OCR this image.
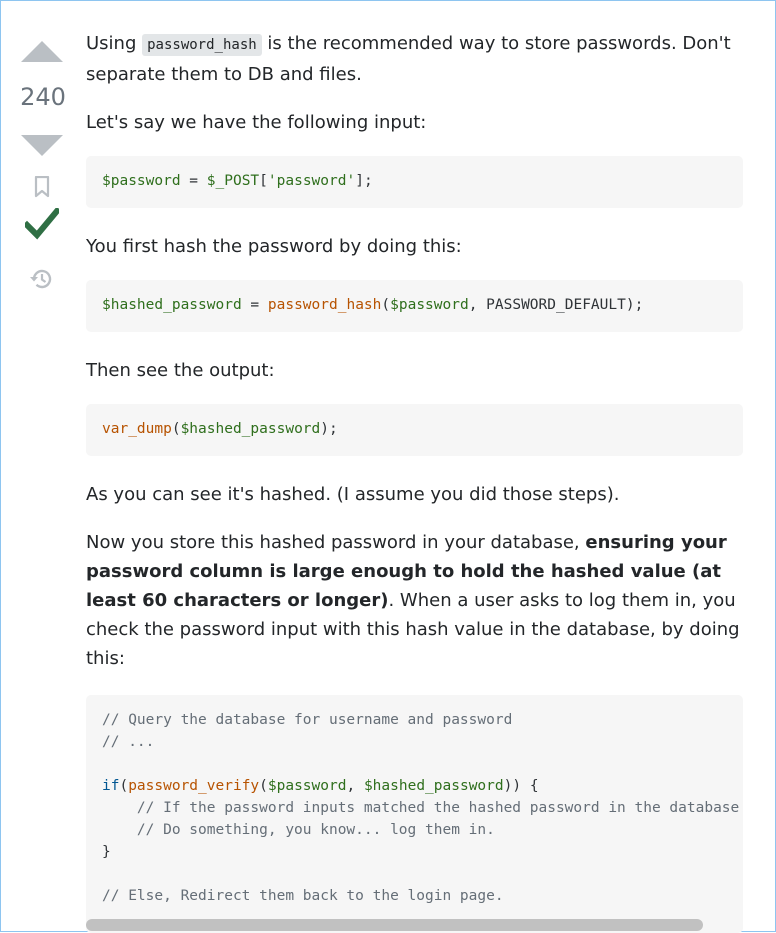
240

Using password_hash is the recommended way to store passwords. Don't separate them to DB and files.

Let's say we have the following input:

$password = $_POST['password'];

You first hash the password by doing this:

$hashed_password = password_hash($password, PASSWORD_DEFAULT);

Then see the output:

var_dump($hashed_password);

As you can see it's hashed. (I assume you did those steps).

Now you store this hashed password in your database, ensuring your password column is large enough to hold the hashed value (at least 60 characters or longer). When a user asks to log them in, you check the password input with this hash value in the database, by doing this:

// Query the database for username and password
// ...

if(password_verify($password, $hashed_password)) {
// If the password inputs matched the hashed password in the database
// Do something, you know... log them in.
}

// Else, Redirect them back to the login page.
